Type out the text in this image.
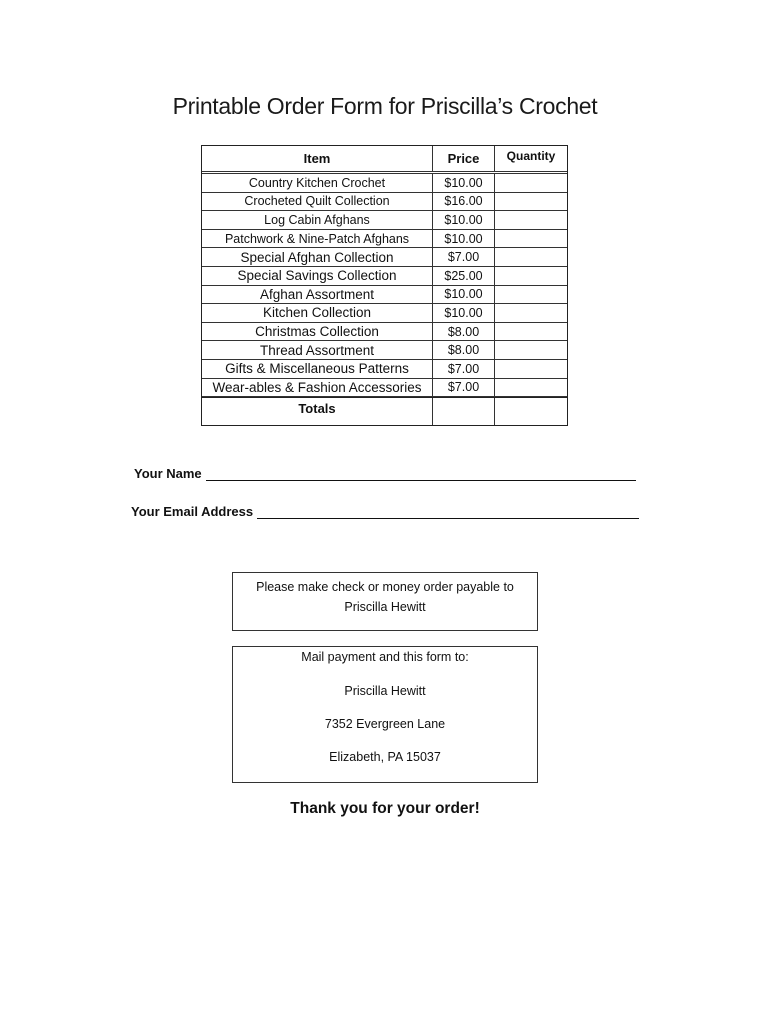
Printable Order Form for Priscilla’s Crochet
Item	Price	Quantity
Country Kitchen Crochet	$10.00
Crocheted Quilt Collection	$16.00
Log Cabin Afghans	$10.00
Patchwork & Nine-Patch Afghans	$10.00
Special Afghan Collection	$7.00
Special Savings Collection	$25.00
Afghan Assortment	$10.00
Kitchen Collection	$10.00
Christmas Collection	$8.00
Thread Assortment	$8.00
Gifts & Miscellaneous Patterns	$7.00
Wear-ables & Fashion Accessories	$7.00
Totals
Your Name
Your Email Address
Please make check or money order payable to
Priscilla Hewitt
Mail payment and this form to:
Priscilla Hewitt
7352 Evergreen Lane
Elizabeth, PA 15037
Thank you for your order!
